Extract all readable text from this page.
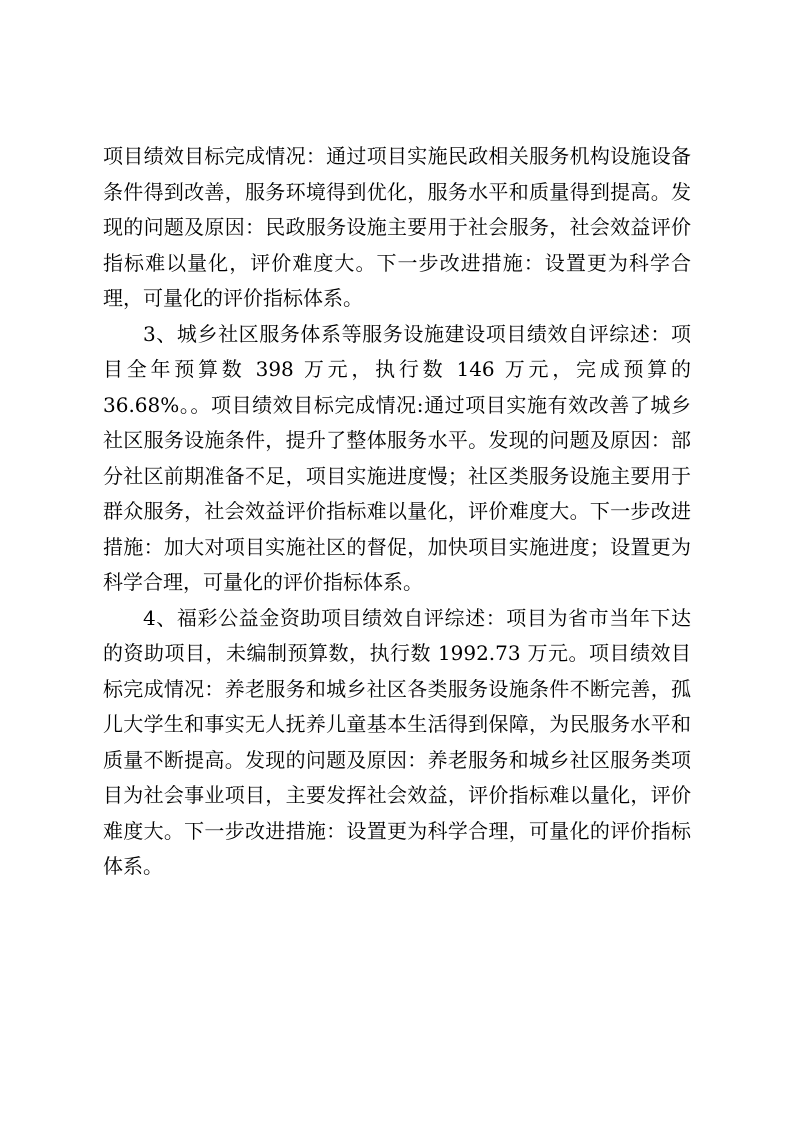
项目绩效目标完成情况：通过项目实施民政相关服务机构设施设备条件得到改善，服务环境得到优化，服务水平和质量得到提高。发现的问题及原因：民政服务设施主要用于社会服务，社会效益评价指标难以量化，评价难度大。下一步改进措施：设置更为科学合理，可量化的评价指标体系。

3、城乡社区服务体系等服务设施建设项目绩效自评综述：项目全年预算数 398 万元，执行数 146 万元，完成预算的 36.68%。。项目绩效目标完成情况:通过项目实施有效改善了城乡社区服务设施条件，提升了整体服务水平。发现的问题及原因：部分社区前期准备不足，项目实施进度慢；社区类服务设施主要用于群众服务，社会效益评价指标难以量化，评价难度大。下一步改进措施：加大对项目实施社区的督促，加快项目实施进度；设置更为科学合理，可量化的评价指标体系。

4、福彩公益金资助项目绩效自评综述：项目为省市当年下达的资助项目，未编制预算数，执行数 1992.73 万元。项目绩效目标完成情况：养老服务和城乡社区各类服务设施条件不断完善，孤儿大学生和事实无人抚养儿童基本生活得到保障，为民服务水平和质量不断提高。发现的问题及原因：养老服务和城乡社区服务类项目为社会事业项目，主要发挥社会效益，评价指标难以量化，评价难度大。下一步改进措施：设置更为科学合理，可量化的评价指标体系。
